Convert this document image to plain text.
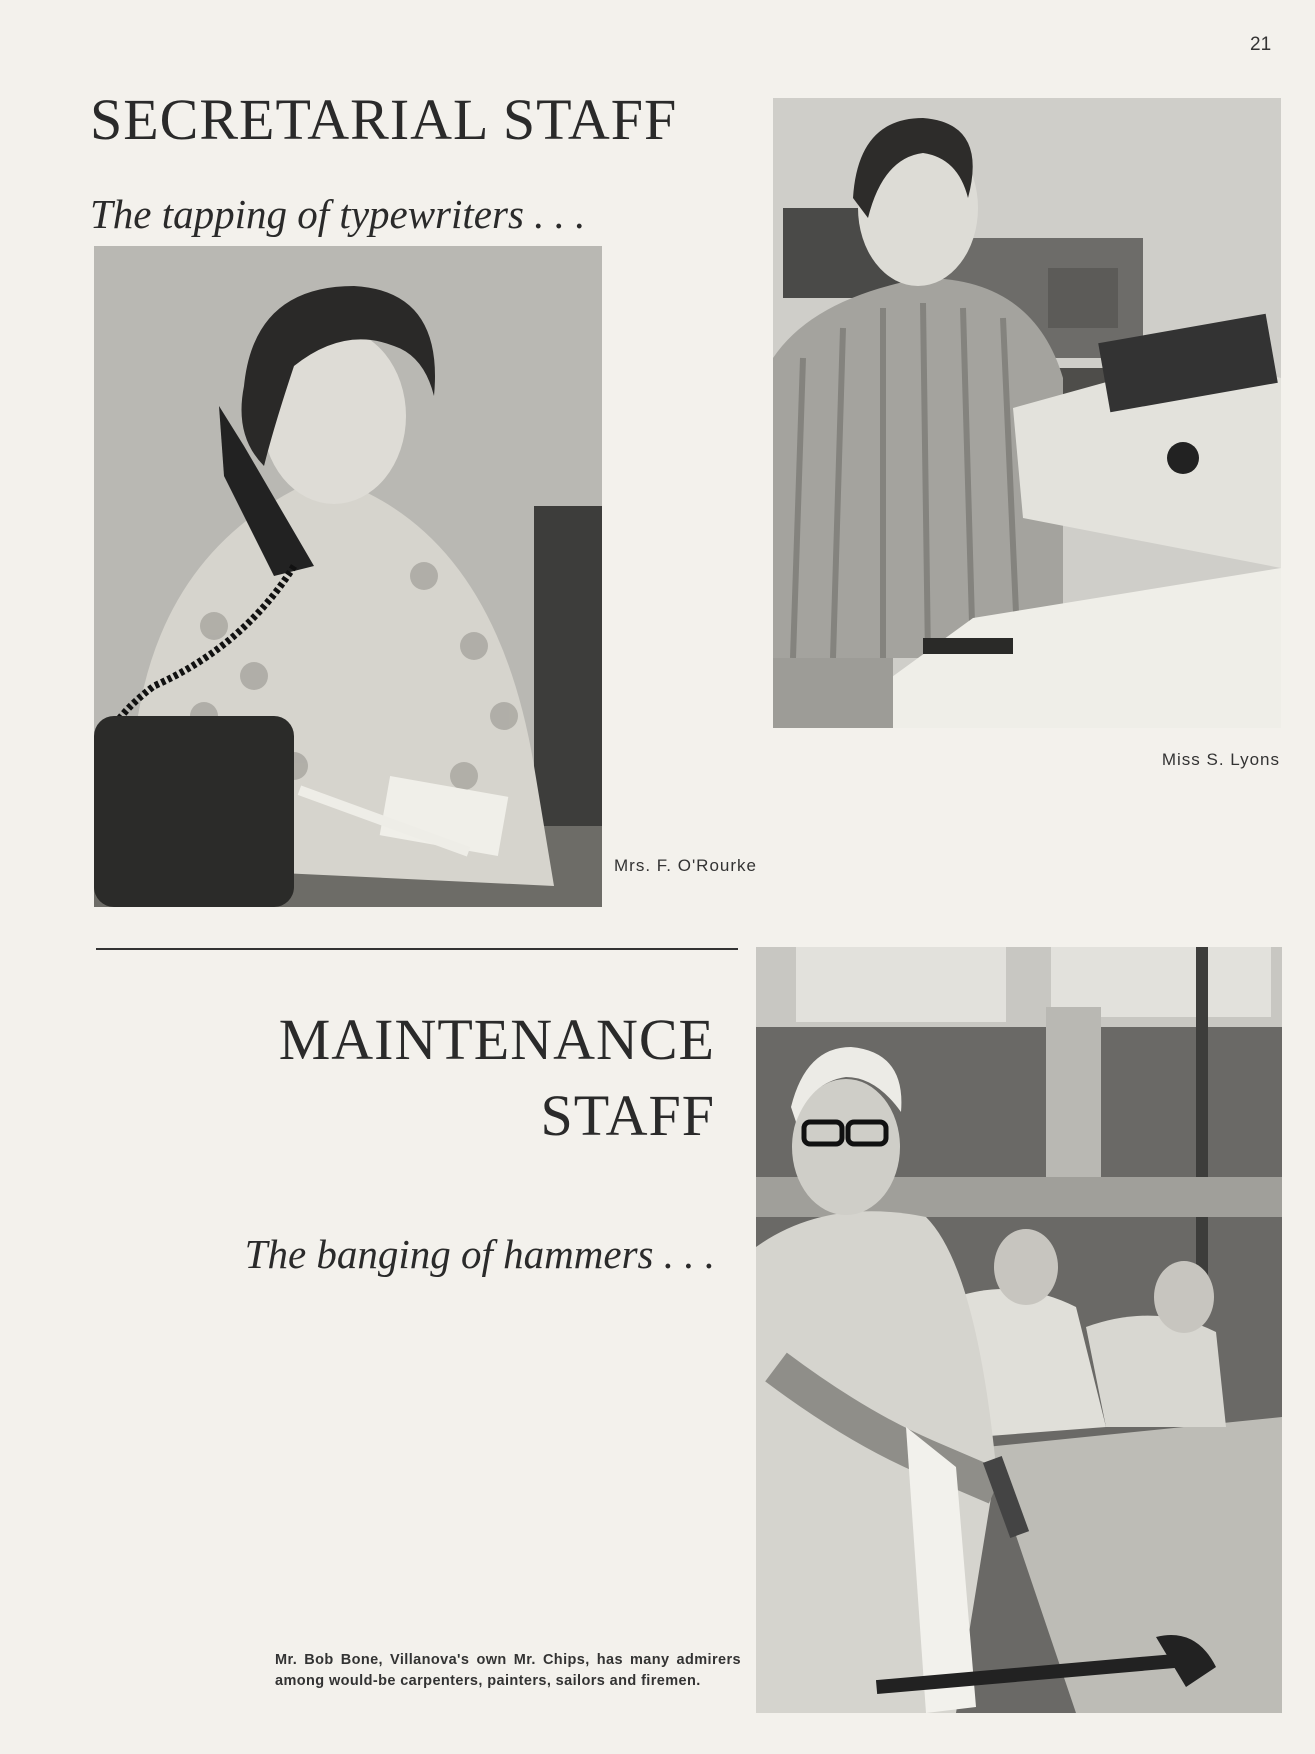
21
SECRETARIAL STAFF
The tapping of typewriters . . .
Mrs. F. O'Rourke
Miss S. Lyons
MAINTENANCE
STAFF
The banging of hammers . . .
Mr. Bob Bone, Villanova's own Mr. Chips, has many admirers among would-be carpenters, painters, sailors and firemen.
